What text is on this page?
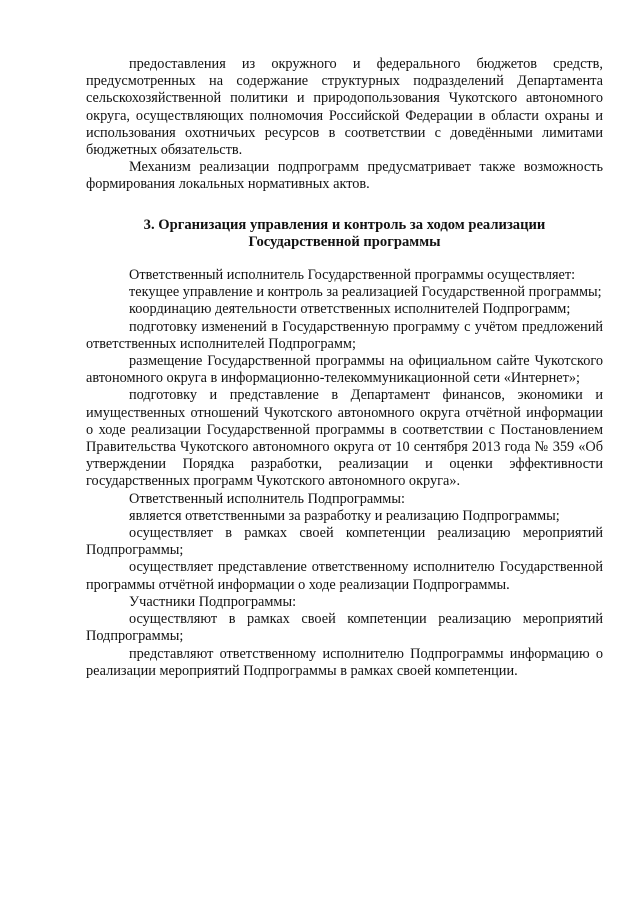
предоставления из окружного и федерального бюджетов средств, предусмотренных на содержание структурных подразделений Департамента сельскохозяйственной политики и природопользования Чукотского автономного округа, осуществляющих полномочия Российской Федерации в области охраны и использования охотничьих ресурсов в соответствии с доведёнными лимитами бюджетных обязательств.

Механизм реализации подпрограмм предусматривает также возможность формирования локальных нормативных актов.

3. Организация управления и контроль за ходом реализации Государственной программы

Ответственный исполнитель Государственной программы осуществляет:

текущее управление и контроль за реализацией Государственной программы;

координацию деятельности ответственных исполнителей Подпрограмм;

подготовку изменений в Государственную программу с учётом предложений ответственных исполнителей Подпрограмм;

размещение Государственной программы на официальном сайте Чукотского автономного округа в информационно-телекоммуникационной сети «Интернет»;

подготовку и представление в Департамент финансов, экономики и имущественных отношений Чукотского автономного округа отчётной информации о ходе реализации Государственной программы в соответствии с Постановлением Правительства Чукотского автономного округа от 10 сентября 2013 года № 359 «Об утверждении Порядка разработки, реализации и оценки эффективности государственных программ Чукотского автономного округа».

Ответственный исполнитель Подпрограммы:

является ответственными за разработку и реализацию Подпрограммы;

осуществляет в рамках своей компетенции реализацию мероприятий Подпрограммы;

осуществляет представление ответственному исполнителю Государственной программы отчётной информации о ходе реализации Подпрограммы.

Участники Подпрограммы:

осуществляют в рамках своей компетенции реализацию мероприятий Подпрограммы;

представляют ответственному исполнителю Подпрограммы информацию о реализации мероприятий Подпрограммы в рамках своей компетенции.
